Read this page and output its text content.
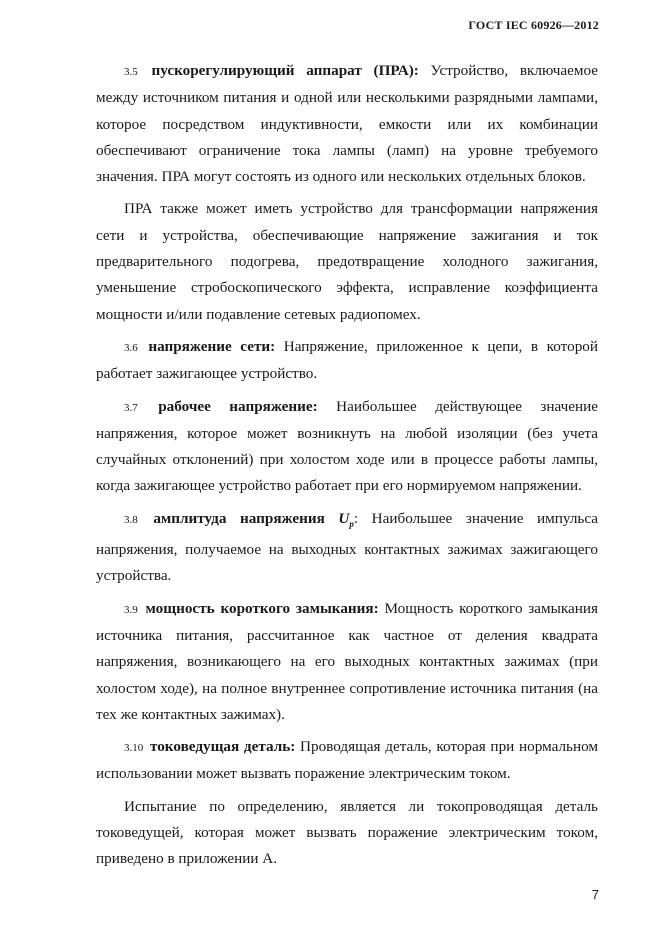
ГОСТ IEC 60926—2012

3.5 пускорегулирующий аппарат (ПРА): Устройство, включаемое между источником питания и одной или несколькими разрядными лампами, которое посредством индуктивности, емкости или их комбинации обеспечивают ограничение тока лампы (ламп) на уровне требуемого значения. ПРА могут состоять из одного или нескольких отдельных блоков.

ПРА также может иметь устройство для трансформации напряжения сети и устройства, обеспечивающие напряжение зажигания и ток предварительного подогрева, предотвращение холодного зажигания, уменьшение стробоскопического эффекта, исправление коэффициента мощности и/или подавление сетевых радиопомех.

3.6 напряжение сети: Напряжение, приложенное к цепи, в которой работает зажигающее устройство.

3.7 рабочее напряжение: Наибольшее действующее значение напряжения, которое может возникнуть на любой изоляции (без учета случайных отклонений) при холостом ходе или в процессе работы лампы, когда зажигающее устройство работает при его нормируемом напряжении.

3.8 амплитуда напряжения $U_p$: Наибольшее значение импульса напряжения, получаемое на выходных контактных зажимах зажигающего устройства.

3.9 мощность короткого замыкания: Мощность короткого замыкания источника питания, рассчитанное как частное от деления квадрата напряжения, возникающего на его выходных контактных зажимах (при холостом ходе), на полное внутреннее сопротивление источника питания (на тех же контактных зажимах).

3.10 токоведущая деталь: Проводящая деталь, которая при нормальном использовании может вызвать поражение электрическим током.

Испытание по определению, является ли токопроводящая деталь токоведущей, которая может вызвать поражение электрическим током, приведено в приложении А.

7
